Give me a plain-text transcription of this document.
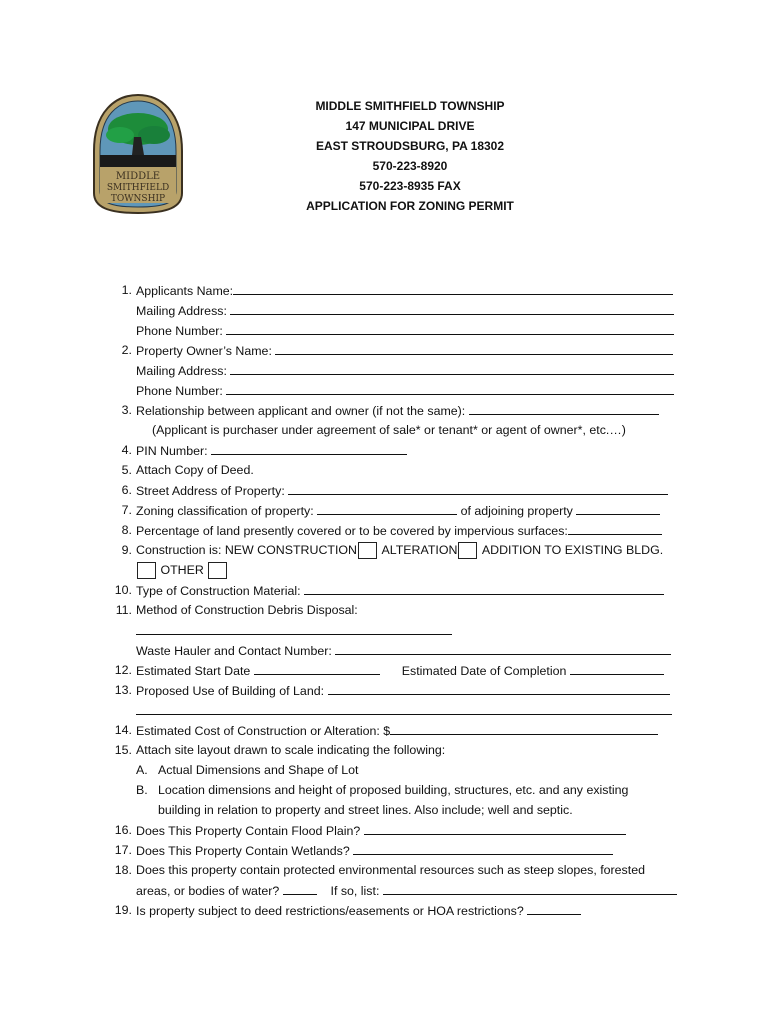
MIDDLE
SMITHFIELD
TOWNSHIP
MIDDLE SMITHFIELD TOWNSHIP
147 MUNICIPAL DRIVE
EAST STROUDSBURG, PA 18302
570-223-8920
570-223-8935 FAX
APPLICATION FOR ZONING PERMIT
1. Applicants Name:
Mailing Address:
Phone Number:
2. Property Owner’s Name:
Mailing Address:
Phone Number:
3. Relationship between applicant and owner (if not the same):
(Applicant is purchaser under agreement of sale* or tenant* or agent of owner*, etc.…)
4. PIN Number:
5. Attach Copy of Deed.
6. Street Address of Property:
7. Zoning classification of property:	of adjoining property
8. Percentage of land presently covered or to be covered by impervious surfaces:
9. Construction is: NEW CONSTRUCTION ALTERATION ADDITION TO EXISTING BLDG.
OTHER
10. Type of Construction Material:
11. Method of Construction Debris Disposal:
Waste Hauler and Contact Number:
12. Estimated Start Date	Estimated Date of Completion
13. Proposed Use of Building of Land:
14. Estimated Cost of Construction or Alteration: $
15. Attach site layout drawn to scale indicating the following:
A. Actual Dimensions and Shape of Lot
B. Location dimensions and height of proposed building, structures, etc. and any existing
building in relation to property and street lines. Also include; well and septic.
16. Does This Property Contain Flood Plain?
17. Does This Property Contain Wetlands?
18. Does this property contain protected environmental resources such as steep slopes, forested
areas, or bodies of water?	If so, list:
19. Is property subject to deed restrictions/easements or HOA restrictions?
